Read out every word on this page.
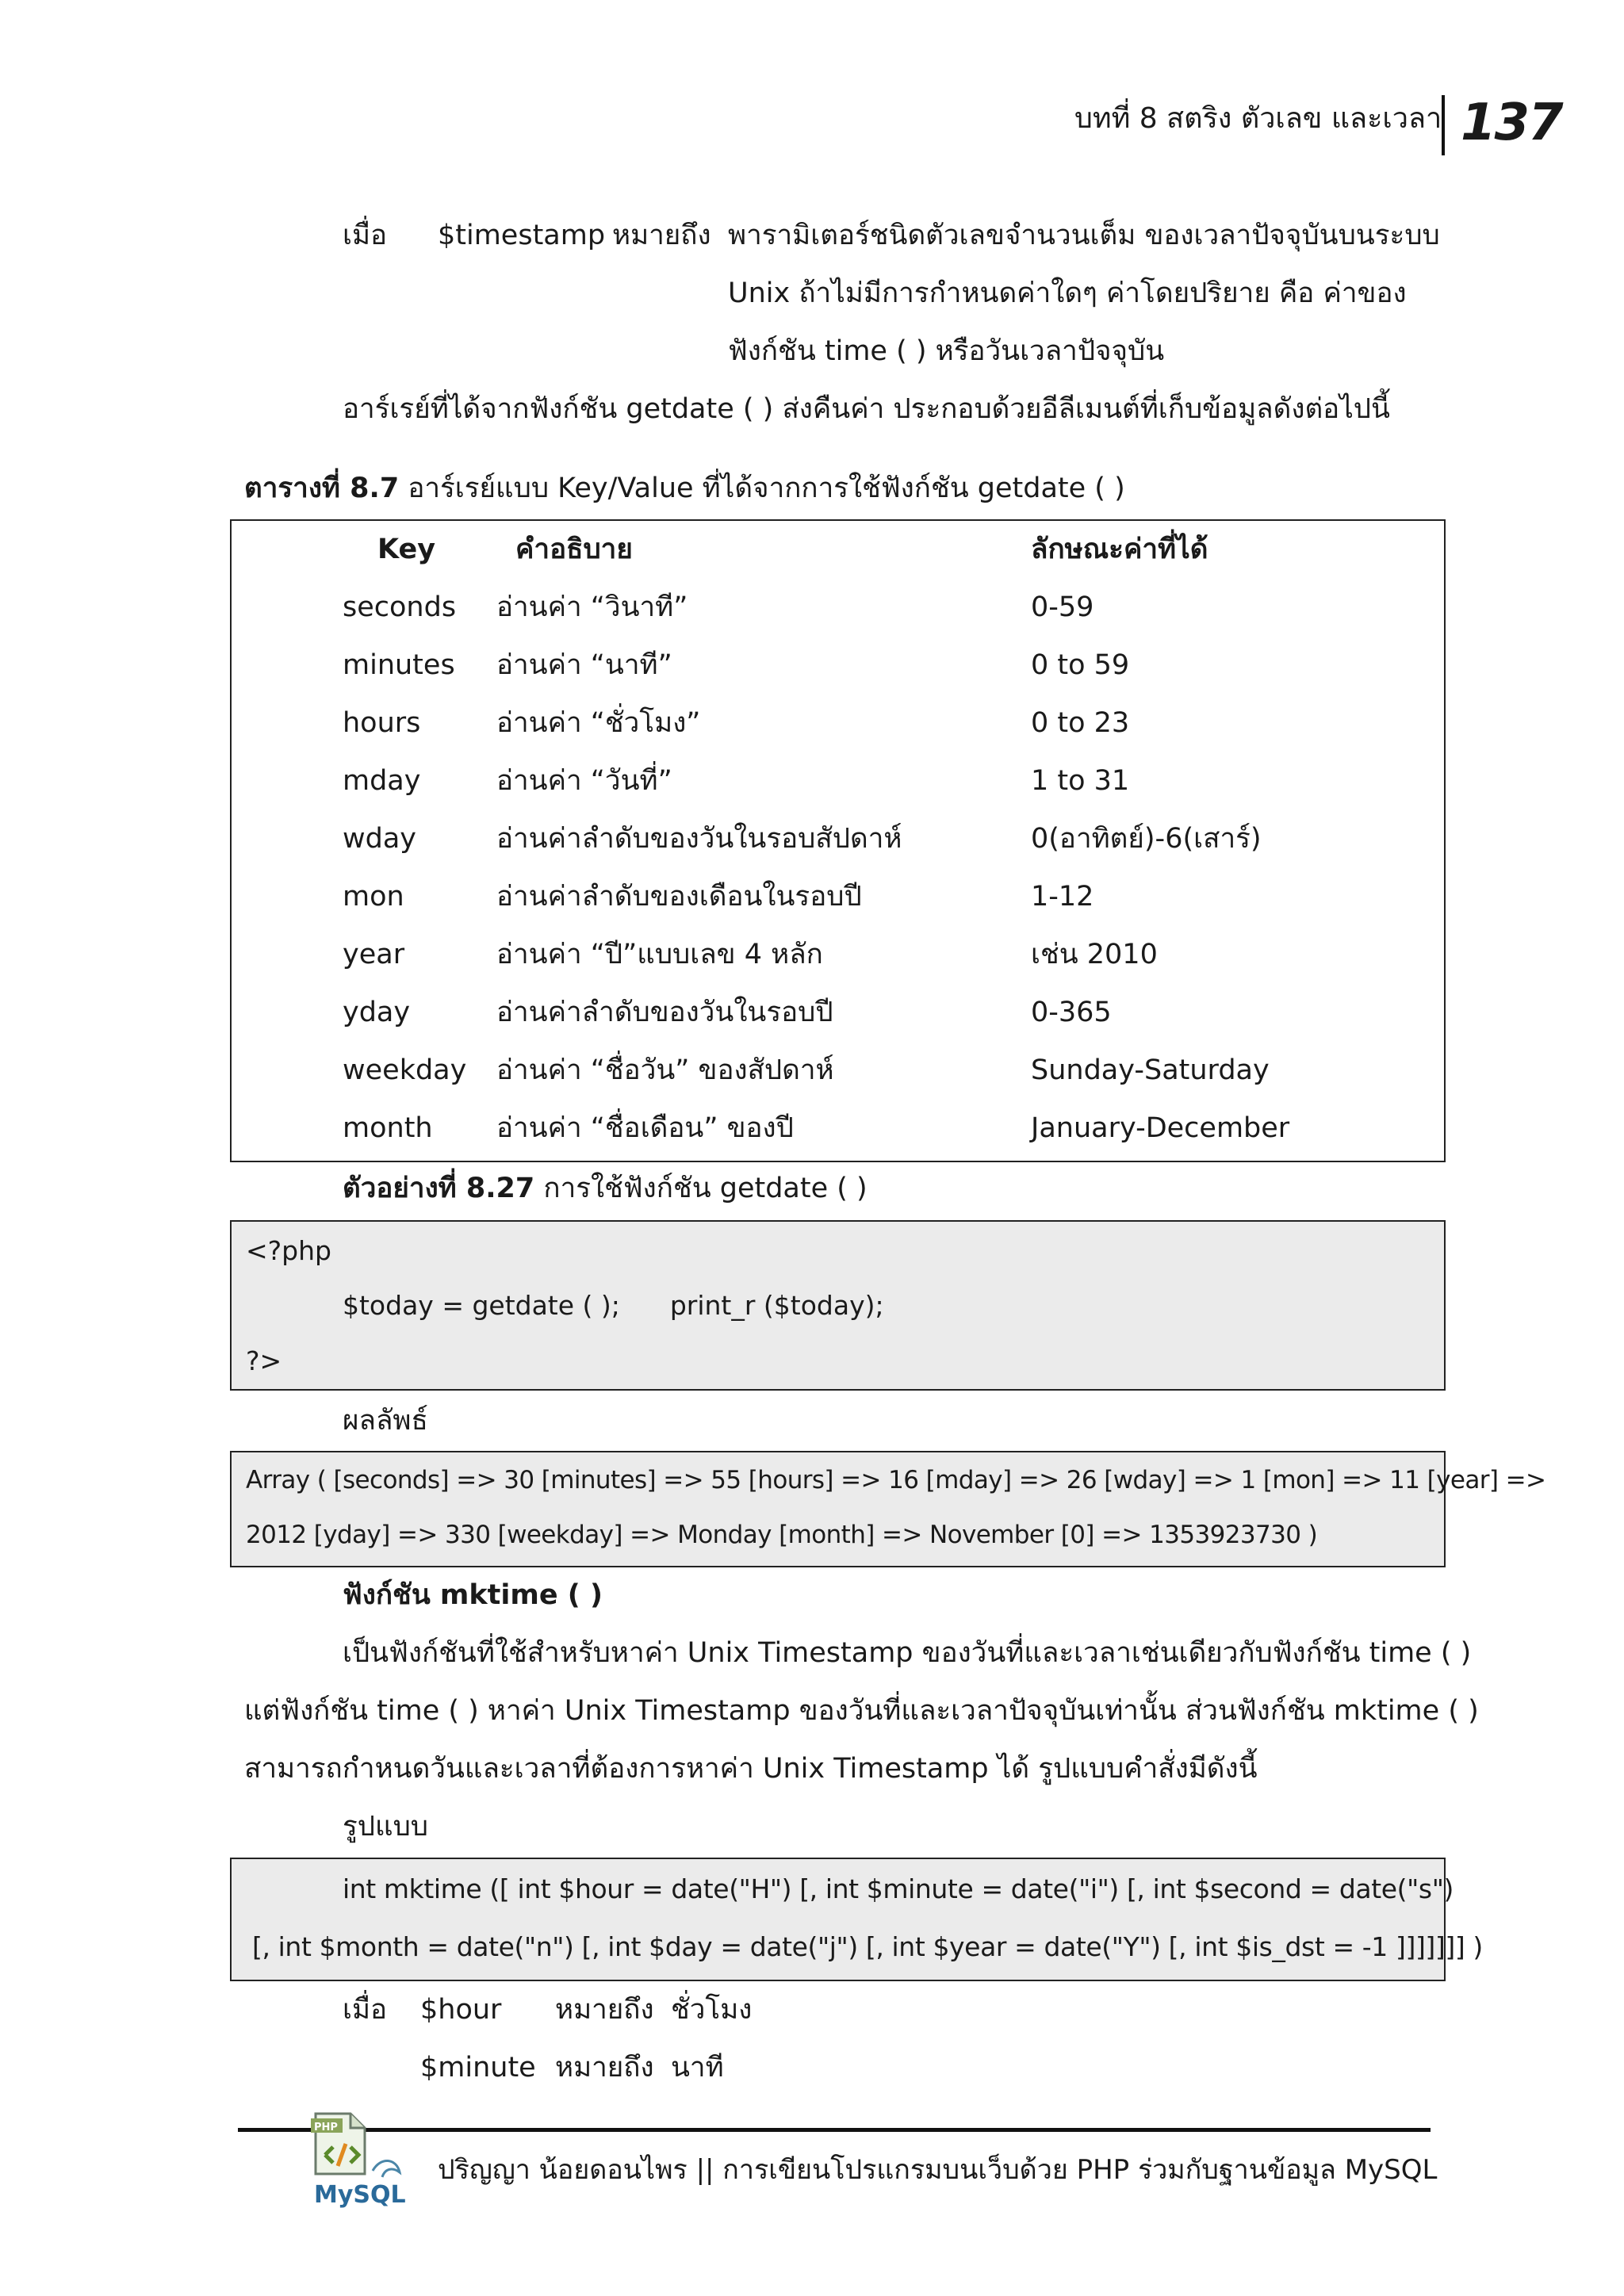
บทที่ 8 สตริง ตัวเลข และเวลา 137
เมื่อ $timestamp หมายถึง พารามิเตอร์ชนิดตัวเลขจำนวนเต็ม ของเวลาปัจจุบันบนระบบ
Unix ถ้าไม่มีการกำหนดค่าใดๆ ค่าโดยปริยาย คือ ค่าของ
ฟังก์ชัน time ( ) หรือวันเวลาปัจจุบัน
อาร์เรย์ที่ได้จากฟังก์ชัน getdate ( ) ส่งคืนค่า ประกอบด้วยอีลีเมนต์ที่เก็บข้อมูลดังต่อไปนี้
ตารางที่ 8.7 อาร์เรย์แบบ Key/Value ที่ได้จากการใช้ฟังก์ชัน getdate ( )
Key	คำอธิบาย	ลักษณะค่าที่ได้
seconds อ่านค่า “วินาที”	0-59
minutes อ่านค่า “นาที”	0 to 59
hours	อ่านค่า “ชั่วโมง”	0 to 23
mday	อ่านค่า “วันที่”	1 to 31
wday	อ่านค่าลำดับของวันในรอบสัปดาห์	0(อาทิตย์)-6(เสาร์)
mon	อ่านค่าลำดับของเดือนในรอบปี	1-12
year	อ่านค่า “ปี”แบบเลข 4 หลัก	เช่น 2010
yday	อ่านค่าลำดับของวันในรอบปี	0-365
weekday อ่านค่า “ชื่อวัน” ของสัปดาห์	Sunday-Saturday
month อ่านค่า “ชื่อเดือน” ของปี	January-December
ตัวอย่างที่ 8.27 การใช้ฟังก์ชัน getdate ( )
<?php
$today = getdate ( );      print_r ($today);
?>
ผลลัพธ์
Array ( [seconds] => 30 [minutes] => 55 [hours] => 16 [mday] => 26 [wday] => 1 [mon] => 11 [year] =>
2012 [yday] => 330 [weekday] => Monday [month] => November [0] => 1353923730 )
ฟังก์ชัน mktime ( )
เป็นฟังก์ชันที่ใช้สำหรับหาค่า Unix Timestamp ของวันที่และเวลาเช่นเดียวกับฟังก์ชัน time ( )
แต่ฟังก์ชัน time ( ) หาค่า Unix Timestamp ของวันที่และเวลาปัจจุบันเท่านั้น ส่วนฟังก์ชัน mktime ( )
สามารถกำหนดวันและเวลาที่ต้องการหาค่า Unix Timestamp ได้ รูปแบบคำสั่งมีดังนี้
รูปแบบ
int mktime ([ int $hour = date("H") [, int $minute = date("i") [, int $second = date("s")
[, int $month = date("n") [, int $day = date("j") [, int $year = date("Y") [, int $is_dst = -1 ]]]]]]] )
เมื่อ $hour หมายถึง ชั่วโมง
$minute หมายถึง นาที
PHP
MySQL
ปริญญา น้อยดอนไพร || การเขียนโปรแกรมบนเว็บด้วย PHP ร่วมกับฐานข้อมูล MySQL
